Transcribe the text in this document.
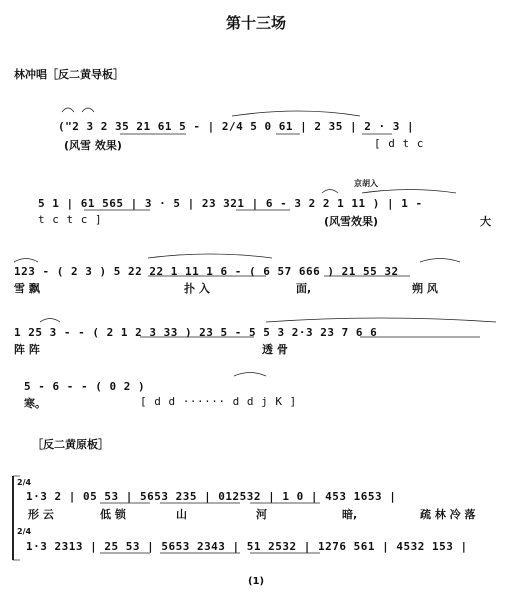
第十三场
林冲唱［反二黄导板］
("2 3 2 35 21 61 5 - | 2/4 5 0 61 | 2 35 | 2 · 3 |
(风雪 效果)	[ d t c
京胡入
5 1 | 61 565 | 3 · 5 | 23 321 | 6 - 3 2 2 1 11 ) | 1 -
t c t c ]	(风雪效果)	大
123 - ( 2 3 ) 5 22 22 1 11 1 6 - ( 6 57 666 ) 21 55 32
雪 飘	扑 入	面,	朔 风
1 25 3 - - ( 2 1 2 3 33 ) 23 5 - 5 5 3 2·3 23 7 6 6
阵 阵	透 骨
5 - 6 - - ( 0 2 )
寒。	[ d d ······ d d j K ]
［反二黄原板］
2/4
1·3 2 | 05 53 | 5653 235 | 012532 | 1 0 | 453 1653 |
形 云	低 锁	山	河	暗,	疏 林 冷 落
2/4
1·3 2313 | 25 53 | 5653 2343 | 51 2532 | 1276 561 | 4532 153 |
(1)
